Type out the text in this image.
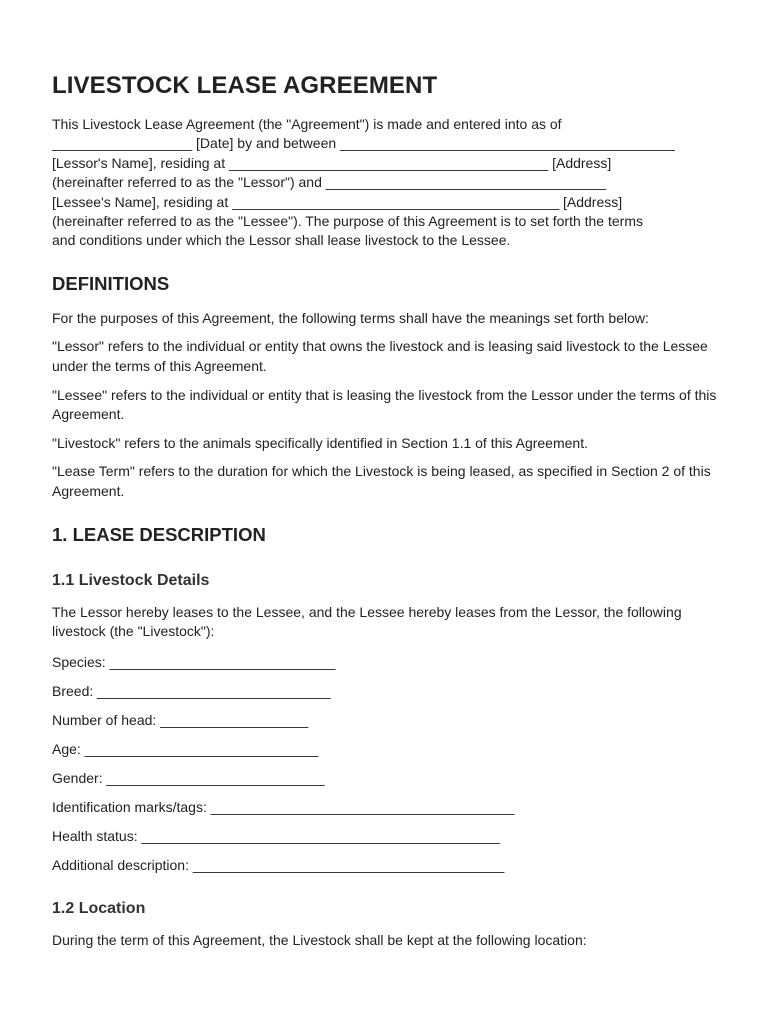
LIVESTOCK LEASE AGREEMENT

This Livestock Lease Agreement (the "Agreement") is made and entered into as of
__________________ [Date] by and between ___________________________________________
[Lessor's Name], residing at _________________________________________ [Address]
(hereinafter referred to as the "Lessor") and ____________________________________
[Lessee's Name], residing at __________________________________________ [Address]
(hereinafter referred to as the "Lessee"). The purpose of this Agreement is to set forth the terms
and conditions under which the Lessor shall lease livestock to the Lessee.

DEFINITIONS

For the purposes of this Agreement, the following terms shall have the meanings set forth below:

"Lessor" refers to the individual or entity that owns the livestock and is leasing said livestock to the Lessee under the terms of this Agreement.

"Lessee" refers to the individual or entity that is leasing the livestock from the Lessor under the terms of this Agreement.

"Livestock" refers to the animals specifically identified in Section 1.1 of this Agreement.

"Lease Term" refers to the duration for which the Livestock is being leased, as specified in Section 2 of this Agreement.

1. LEASE DESCRIPTION
1.1 Livestock Details

The Lessor hereby leases to the Lessee, and the Lessee hereby leases from the Lessor, the following livestock (the "Livestock"):

Species: _____________________________

Breed: ______________________________

Number of head: ___________________

Age: ______________________________

Gender: ____________________________

Identification marks/tags: _______________________________________

Health status: ______________________________________________

Additional description: ________________________________________

1.2 Location

During the term of this Agreement, the Livestock shall be kept at the following location:
